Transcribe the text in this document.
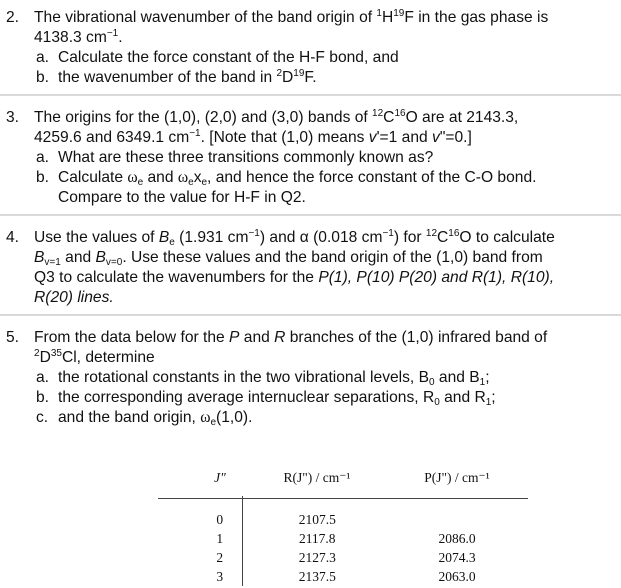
2. The vibrational wavenumber of the band origin of $^1H^{19}F$ in the gas phase is
4138.3 $cm^{-1}$.
a. Calculate the force constant of the H-F bond, and
b. the wavenumber of the band in $^2D^{19}F$.
3. The origins for the (1,0), (2,0) and (3,0) bands of $^{12}C^{16}O$ are at 2143.3,
4259.6 and 6349.1 $cm^{-1}$. [Note that (1,0) means v'=1 and v"=0.]
a. What are these three transitions commonly known as?
b. Calculate ωe and ωexe, and hence the force constant of the C-O bond.
Compare to the value for H-F in Q2.
4. Use the values of Be (1.931 $cm^{-1}$) and α (0.018 $cm^{-1}$) for $^{12}C^{16}O$ to calculate
Bv=1 and Bv=0. Use these values and the band origin of the (1,0) band from
Q3 to calculate the wavenumbers for the P(1), P(10) P(20) and R(1), R(10),
R(20) lines.
5. From the data below for the P and R branches of the (1,0) infrared band of
$^2D^{35}Cl$, determine
a. the rotational constants in the two vibrational levels, B0 and B1;
b. the corresponding average internuclear separations, R0 and R1;
c. and the band origin, ωe(1,0).
J"	R(J") / cm⁻¹	P(J") / cm⁻¹

0	2107.5	
1	2117.8	2086.0
2	2127.3	2074.3
3	2137.5	2063.0
